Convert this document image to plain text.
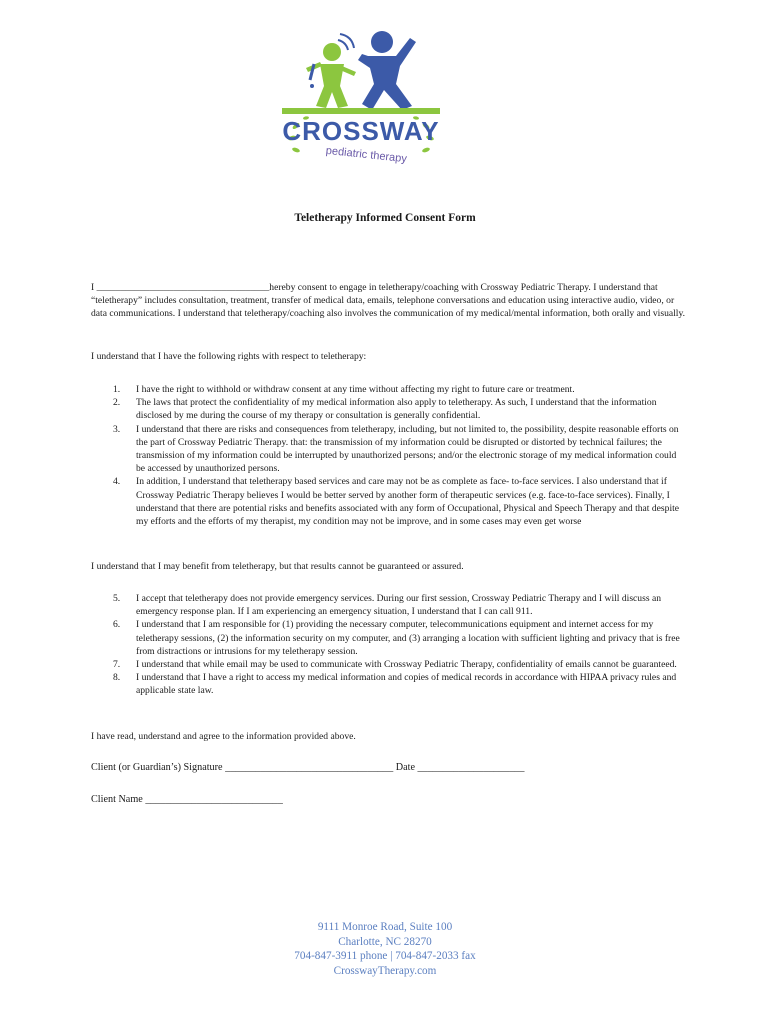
CROSSWAY
pediatric therapy
Teletherapy Informed Consent Form
I ____________________________________hereby consent to engage in teletherapy/coaching with Crossway Pediatric Therapy. I understand that “teletherapy” includes consultation, treatment, transfer of medical data, emails, telephone conversations and education using interactive audio, video, or data communications. I understand that teletherapy/coaching also involves the communication of my medical/mental information, both orally and visually.
I understand that I have the following rights with respect to teletherapy:
1. I have the right to withhold or withdraw consent at any time without affecting my right to future care or treatment.
2. The laws that protect the confidentiality of my medical information also apply to teletherapy. As such, I understand that the information disclosed by me during the course of my therapy or consultation is generally confidential.
3. I understand that there are risks and consequences from teletherapy, including, but not limited to, the possibility, despite reasonable efforts on the part of Crossway Pediatric Therapy. that: the transmission of my information could be disrupted or distorted by technical failures; the transmission of my information could be interrupted by unauthorized persons; and/or the electronic storage of my medical information could be accessed by unauthorized persons.
4. In addition, I understand that teletherapy based services and care may not be as complete as face- to-face services. I also understand that if Crossway Pediatric Therapy believes I would be better served by another form of therapeutic services (e.g. face-to-face services). Finally, I understand that there are potential risks and benefits associated with any form of Occupational, Physical and Speech Therapy and that despite my efforts and the efforts of my therapist, my condition may not be improve, and in some cases may even get worse
I understand that I may benefit from teletherapy, but that results cannot be guaranteed or assured.
5. I accept that teletherapy does not provide emergency services. During our first session, Crossway Pediatric Therapy and I will discuss an emergency response plan. If I am experiencing an emergency situation, I understand that I can call 911.
6. I understand that I am responsible for (1) providing the necessary computer, telecommunications equipment and internet access for my teletherapy sessions, (2) the information security on my computer, and (3) arranging a location with sufficient lighting and privacy that is free from distractions or intrusions for my teletherapy session.
7. I understand that while email may be used to communicate with Crossway Pediatric Therapy, confidentiality of emails cannot be guaranteed.
8. I understand that I have a right to access my medical information and copies of medical records in accordance with HIPAA privacy rules and applicable state law.
I have read, understand and agree to the information provided above.
Client (or Guardian’s) Signature _________________________________ Date _____________________
Client Name ___________________________
9111 Monroe Road, Suite 100
Charlotte, NC 28270
704-847-3911 phone | 704-847-2033 fax
CrosswayTherapy.com
